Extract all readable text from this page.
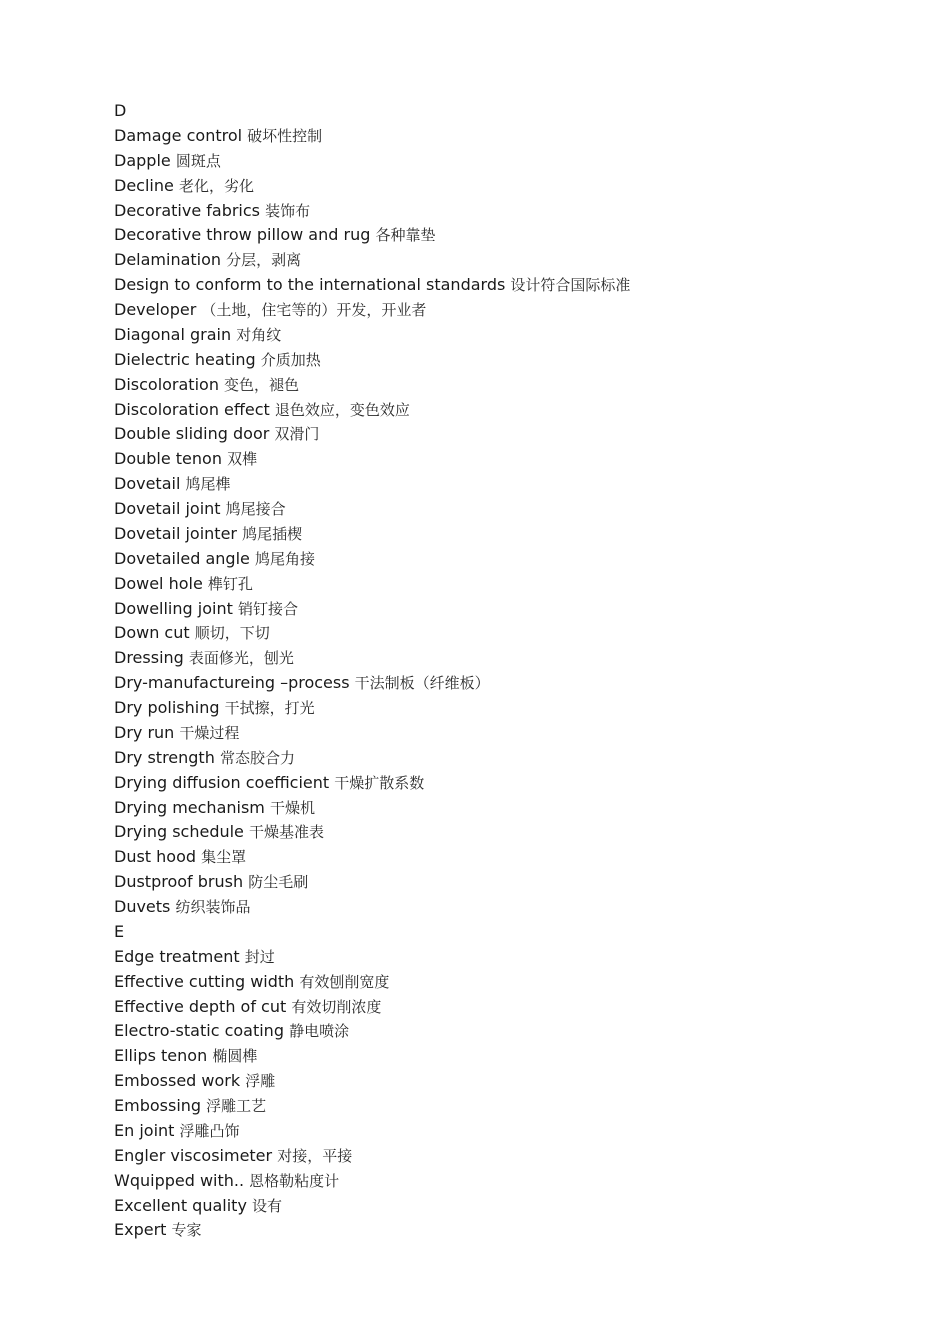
D
Damage control 破坏性控制
Dapple 圆斑点
Decline 老化，劣化
Decorative fabrics 装饰布
Decorative throw pillow and rug 各种靠垫
Delamination 分层，剥离
Design to conform to the international standards 设计符合国际标准
Developer （土地，住宅等的）开发，开业者
Diagonal grain 对角纹
Dielectric heating 介质加热
Discoloration 变色，褪色
Discoloration effect 退色效应，变色效应
Double sliding door 双滑门
Double tenon 双榫
Dovetail 鸠尾榫
Dovetail joint 鸠尾接合
Dovetail jointer 鸠尾插楔
Dovetailed angle 鸠尾角接
Dowel hole 榫钉孔
Dowelling joint 销钉接合
Down cut 顺切，下切
Dressing 表面修光，刨光
Dry-manufactureing –process 干法制板（纤维板）
Dry polishing 干拭擦，打光
Dry run 干燥过程
Dry strength 常态胶合力
Drying diffusion coefficient 干燥扩散系数
Drying mechanism 干燥机
Drying schedule 干燥基准表
Dust hood 集尘罩
Dustproof brush 防尘毛刷
Duvets 纺织装饰品
E
Edge treatment 封过
Effective cutting width 有效刨削宽度
Effective depth of cut 有效切削浓度
Electro-static coating 静电喷涂
Ellips tenon 椭圆榫
Embossed work 浮雕
Embossing 浮雕工艺
En joint 浮雕凸饰
Engler viscosimeter 对接，平接
Wquipped with.. 恩格勒粘度计
Excellent quality 设有
Expert 专家
